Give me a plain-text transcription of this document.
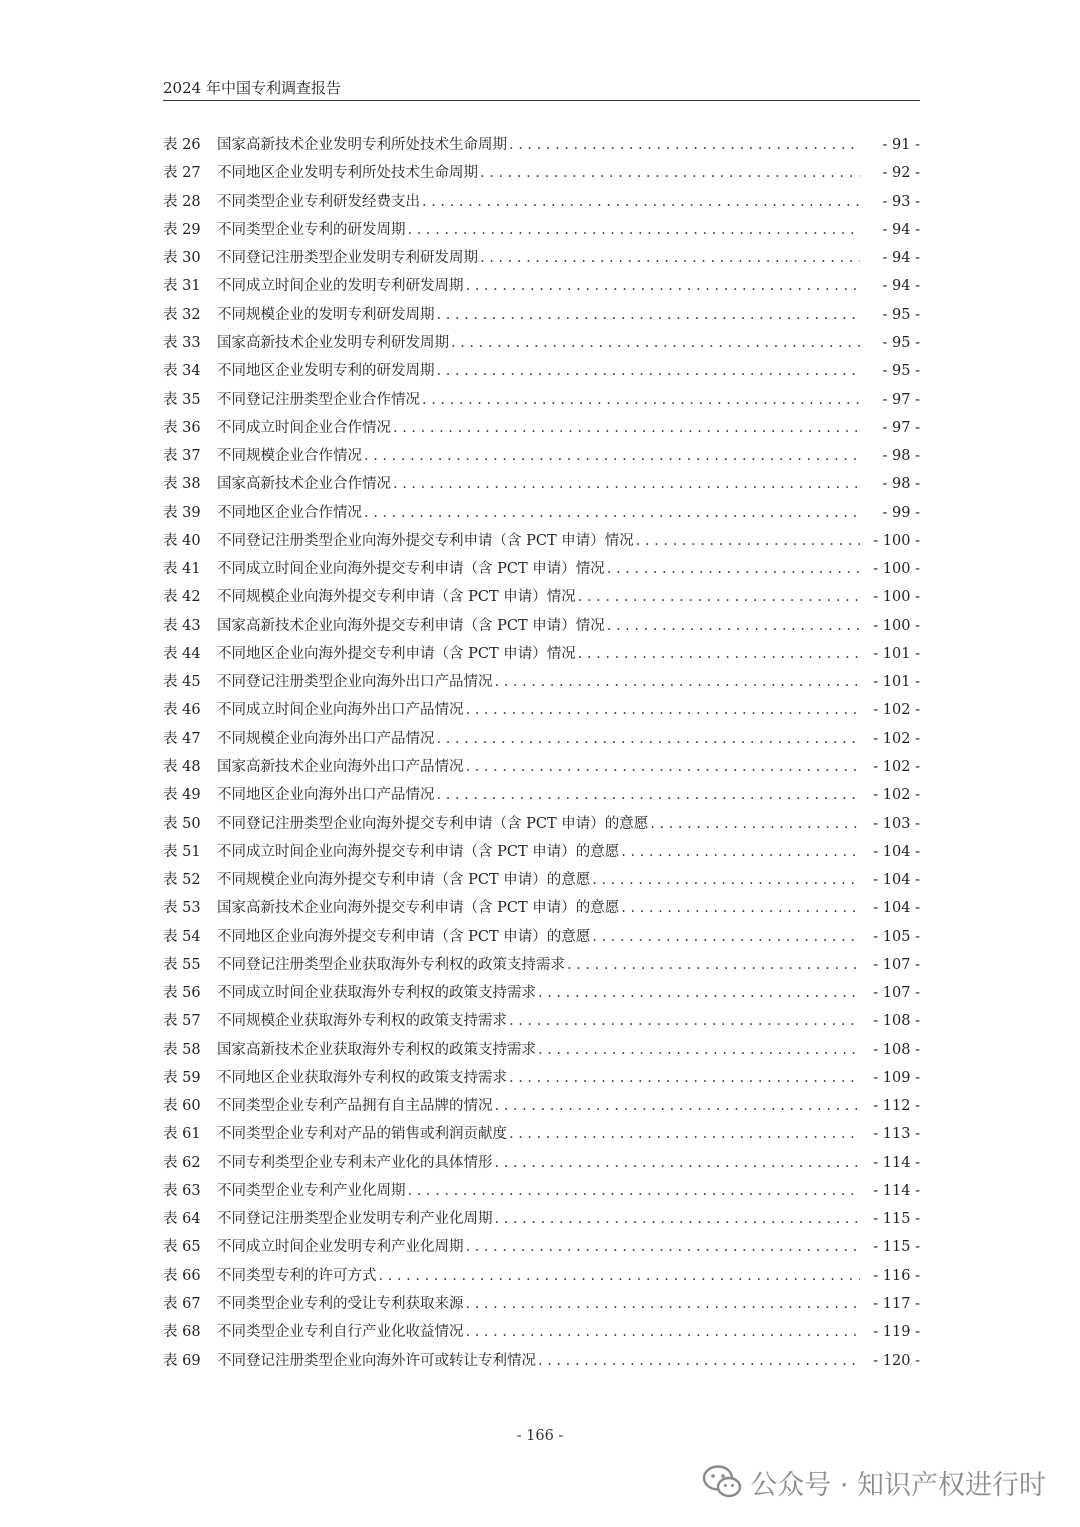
2024 年中国专利调查报告
表 26	国家高新技术企业发明专利所处技术生命周期 . . .	- 91 -
表 27	不同地区企业发明专利所处技术生命周期 . . .	- 92 -
表 28	不同类型企业专利研发经费支出 . . .	- 93 -
表 29	不同类型企业专利的研发周期 . . .	- 94 -
表 30	不同登记注册类型企业发明专利研发周期 . . .	- 94 -
表 31	不同成立时间企业的发明专利研发周期 . . .	- 94 -
表 32	不同规模企业的发明专利研发周期 . . .	- 95 -
表 33	国家高新技术企业发明专利研发周期 . . .	- 95 -
表 34	不同地区企业发明专利的研发周期 . . .	- 95 -
表 35	不同登记注册类型企业合作情况 . . .	- 97 -
表 36	不同成立时间企业合作情况 . . .	- 97 -
表 37	不同规模企业合作情况 . . .	- 98 -
表 38	国家高新技术企业合作情况 . . .	- 98 -
表 39	不同地区企业合作情况 . . .	- 99 -
表 40	不同登记注册类型企业向海外提交专利申请（含 PCT 申请）情况 . . .	- 100 -
表 41	不同成立时间企业向海外提交专利申请（含 PCT 申请）情况 . . .	- 100 -
表 42	不同规模企业向海外提交专利申请（含 PCT 申请）情况 . . .	- 100 -
表 43	国家高新技术企业向海外提交专利申请（含 PCT 申请）情况 . . .	- 100 -
表 44	不同地区企业向海外提交专利申请（含 PCT 申请）情况 . . .	- 101 -
表 45	不同登记注册类型企业向海外出口产品情况 . . .	- 101 -
表 46	不同成立时间企业向海外出口产品情况 . . .	- 102 -
表 47	不同规模企业向海外出口产品情况 . . .	- 102 -
表 48	国家高新技术企业向海外出口产品情况 . . .	- 102 -
表 49	不同地区企业向海外出口产品情况 . . .	- 102 -
表 50	不同登记注册类型企业向海外提交专利申请（含 PCT 申请）的意愿 . . .	- 103 -
表 51	不同成立时间企业向海外提交专利申请（含 PCT 申请）的意愿 . . .	- 104 -
表 52	不同规模企业向海外提交专利申请（含 PCT 申请）的意愿 . . .	- 104 -
表 53	国家高新技术企业向海外提交专利申请（含 PCT 申请）的意愿 . . .	- 104 -
表 54	不同地区企业向海外提交专利申请（含 PCT 申请）的意愿 . . .	- 105 -
表 55	不同登记注册类型企业获取海外专利权的政策支持需求 . . .	- 107 -
表 56	不同成立时间企业获取海外专利权的政策支持需求 . . .	- 107 -
表 57	不同规模企业获取海外专利权的政策支持需求 . . .	- 108 -
表 58	国家高新技术企业获取海外专利权的政策支持需求 . . .	- 108 -
表 59	不同地区企业获取海外专利权的政策支持需求 . . .	- 109 -
表 60	不同类型企业专利产品拥有自主品牌的情况 . . .	- 112 -
表 61	不同类型企业专利对产品的销售或利润贡献度 . . .	- 113 -
表 62	不同专利类型企业专利未产业化的具体情形 . . .	- 114 -
表 63	不同类型企业专利产业化周期 . . .	- 114 -
表 64	不同登记注册类型企业发明专利产业化周期 . . .	- 115 -
表 65	不同成立时间企业发明专利产业化周期 . . .	- 115 -
表 66	不同类型专利的许可方式 . . .	- 116 -
表 67	不同类型企业专利的受让专利获取来源 . . .	- 117 -
表 68	不同类型企业专利自行产业化收益情况 . . .	- 119 -
表 69	不同登记注册类型企业向海外许可或转让专利情况 . . .	- 120 -
- 166 -
公众号 · 知识产权进行时
